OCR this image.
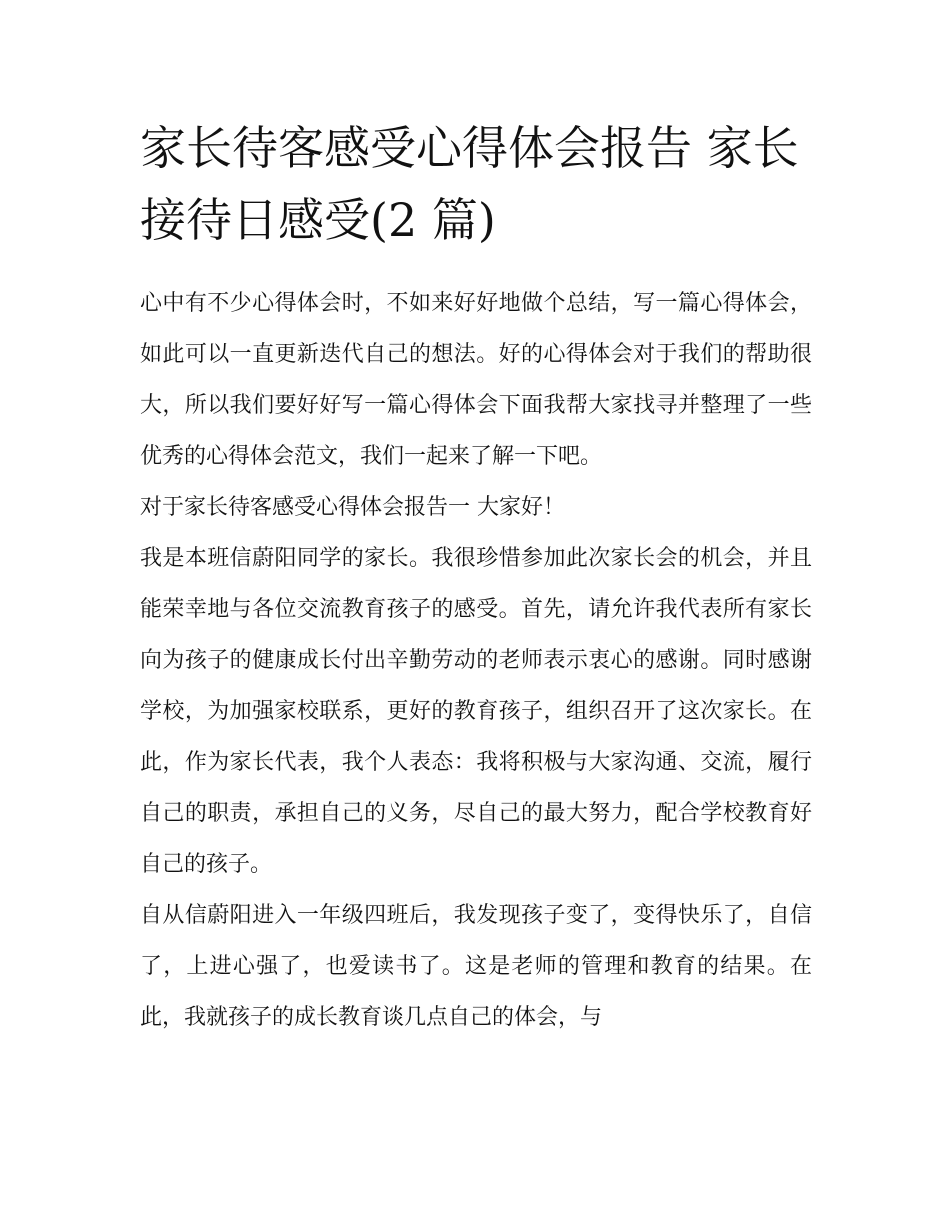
家长待客感受心得体会报告 家长接待日感受(2 篇)

心中有不少心得体会时，不如来好好地做个总结，写一篇心得体会，如此可以一直更新迭代自己的想法。好的心得体会对于我们的帮助很大，所以我们要好好写一篇心得体会下面我帮大家找寻并整理了一些优秀的心得体会范文，我们一起来了解一下吧。

对于家长待客感受心得体会报告一 大家好！

我是本班信蔚阳同学的家长。我很珍惜参加此次家长会的机会，并且能荣幸地与各位交流教育孩子的感受。首先，请允许我代表所有家长向为孩子的健康成长付出辛勤劳动的老师表示衷心的感谢。同时感谢学校，为加强家校联系，更好的教育孩子，组织召开了这次家长。在此，作为家长代表，我个人表态：我将积极与大家沟通、交流，履行自己的职责，承担自己的义务，尽自己的最大努力，配合学校教育好自己的孩子。

自从信蔚阳进入一年级四班后，我发现孩子变了，变得快乐了，自信了，上进心强了，也爱读书了。这是老师的管理和教育的结果。在此，我就孩子的成长教育谈几点自己的体会，与
